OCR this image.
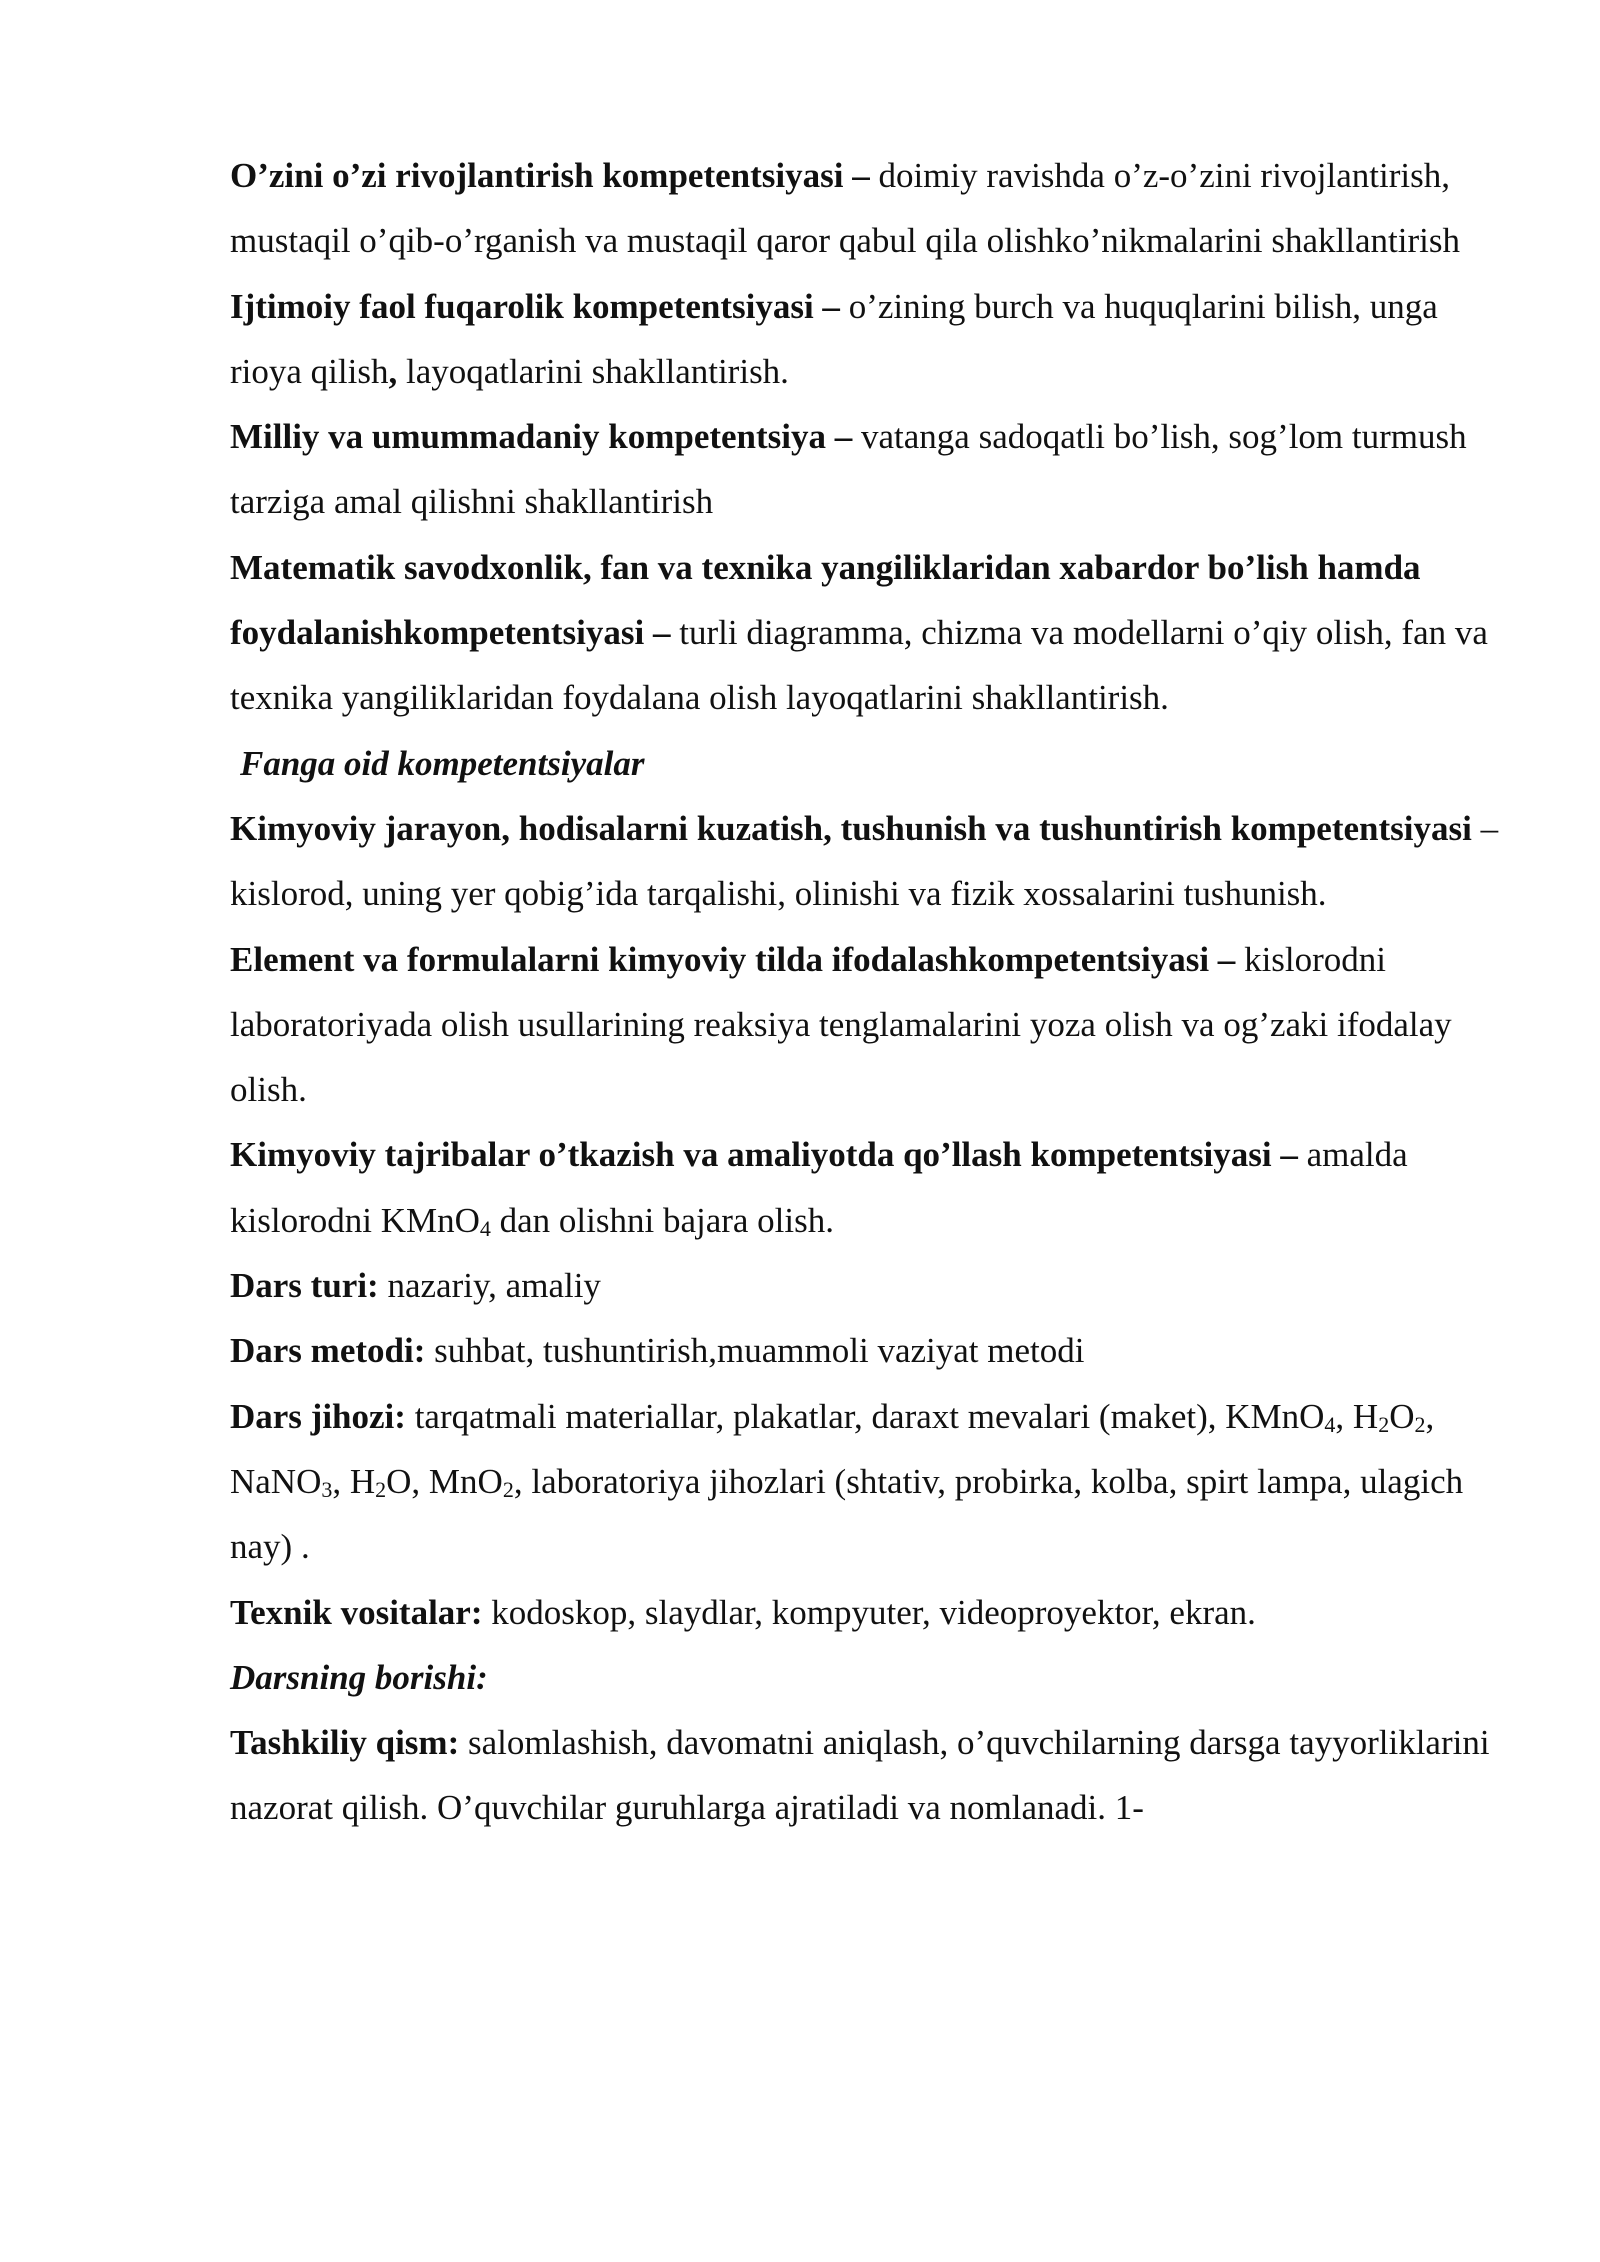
O’zini o’zi rivojlantirish kompetentsiyasi – doimiy ravishda o’z-o’zini rivojlantirish, mustaqil o’qib-o’rganish va mustaqil qaror qabul qila olishko’nikmalarini shakllantirish

Ijtimoiy faol fuqarolik kompetentsiyasi – o’zining burch va huquqlarini bilish, unga rioya qilish, layoqatlarini shakllantirish.

Milliy va umummadaniy kompetentsiya – vatanga sadoqatli bo’lish, sog’lom turmush tarziga amal qilishni shakllantirish

Matematik savodxonlik, fan va texnika yangiliklaridan xabardor bo’lish hamda foydalanishkompetentsiyasi – turli diagramma, chizma va modellarni o’qiy olish, fan va texnika yangiliklaridan foydalana olish layoqatlarini shakllantirish.

Fanga oid kompetentsiyalar

Kimyoviy jarayon, hodisalarni kuzatish, tushunish va tushuntirish kompetentsiyasi – kislorod, uning yer qobig’ida tarqalishi, olinishi va fizik xossalarini tushunish.

Element va formulalarni kimyoviy tilda ifodalashkompetentsiyasi – kislorodni laboratoriyada olish usullarining reaksiya tenglamalarini yoza olish va og’zaki ifodalay olish.

Kimyoviy tajribalar o’tkazish va amaliyotda qo’llash kompetentsiyasi – amalda kislorodni KMnO$_4$ dan olishni bajara olish.

Dars turi: nazariy, amaliy

Dars metodi: suhbat, tushuntirish,muammoli vaziyat metodi

Dars jihozi: tarqatmali materiallar, plakatlar, daraxt mevalari (maket), KMnO$_4$, $H_2O_2$, NaNO$_3$, $H_2O$, MnO$_2$, laboratoriya jihozlari (shtativ, probirka, kolba, spirt lampa, ulagich nay) .

Texnik vositalar: kodoskop, slaydlar, kompyuter, videoproyektor, ekran.

Darsning borishi:

Tashkiliy qism: salomlashish, davomatni aniqlash, o’quvchilarning darsga tayyorliklarini nazorat qilish. O’quvchilar guruhlarga ajratiladi va nomlanadi. 1-
